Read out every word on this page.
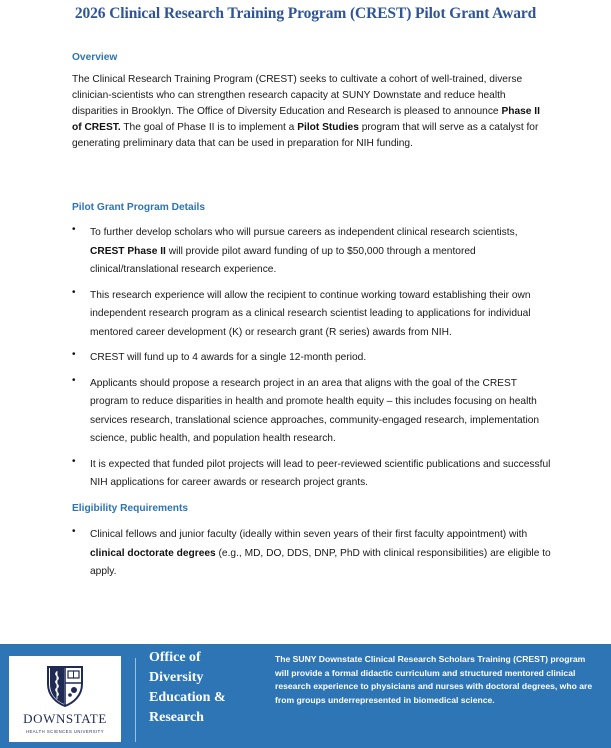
2026 Clinical Research Training Program (CREST) Pilot Grant Award
Overview
The Clinical Research Training Program (CREST) seeks to cultivate a cohort of well-trained, diverse clinician-scientists who can strengthen research capacity at SUNY Downstate and reduce health disparities in Brooklyn. The Office of Diversity Education and Research is pleased to announce Phase II of CREST. The goal of Phase II is to implement a Pilot Studies program that will serve as a catalyst for generating preliminary data that can be used in preparation for NIH funding.
Pilot Grant Program Details
• To further develop scholars who will pursue careers as independent clinical research scientists, CREST Phase II will provide pilot award funding of up to $50,000 through a mentored clinical/translational research experience.
• This research experience will allow the recipient to continue working toward establishing their own independent research program as a clinical research scientist leading to applications for individual mentored career development (K) or research grant (R series) awards from NIH.
• CREST will fund up to 4 awards for a single 12-month period.
• Applicants should propose a research project in an area that aligns with the goal of the CREST program to reduce disparities in health and promote health equity – this includes focusing on health services research, translational science approaches, community-engaged research, implementation science, public health, and population health research.
• It is expected that funded pilot projects will lead to peer-reviewed scientific publications and successful NIH applications for career awards or research project grants.
Eligibility Requirements
• Clinical fellows and junior faculty (ideally within seven years of their first faculty appointment) with clinical doctorate degrees (e.g., MD, DO, DDS, DNP, PhD with clinical responsibilities) are eligible to apply.
DOWNSTATE
HEALTH SCIENCES UNIVERSITY
Office of
Diversity
Education &
Research
The SUNY Downstate Clinical Research Scholars Training (CREST) program will provide a formal didactic curriculum and structured mentored clinical research experience to physicians and nurses with doctoral degrees, who are from groups underrepresented in biomedical science.
